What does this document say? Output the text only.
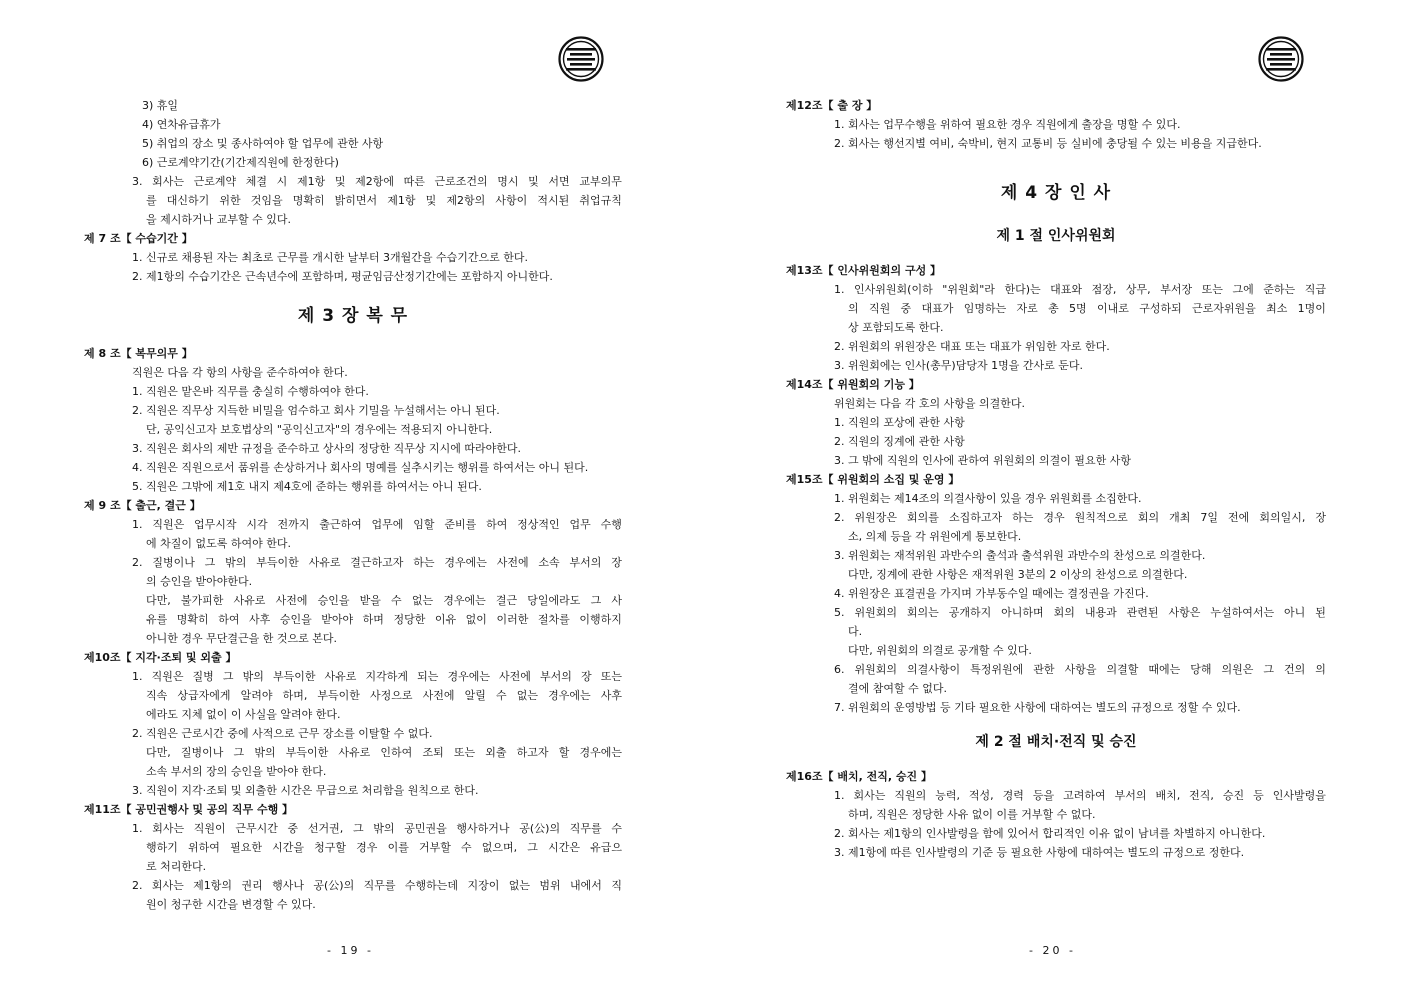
3) 휴일
4) 연차유급휴가
5) 취업의 장소 및 종사하여야 할 업무에 관한 사항
6) 근로계약기간(기간제직원에 한정한다)
3. 회사는 근로계약 체결 시 제1항 및 제2항에 따른 근로조건의 명시 및 서면 교부의무
를 대신하기 위한 것임을 명확히 밝히면서 제1항 및 제2항의 사항이 적시된 취업규칙
을 제시하거나 교부할 수 있다.
제 7 조【 수습기간 】
1. 신규로 채용된 자는 최초로 근무를 개시한 날부터 3개월간을 수습기간으로 한다.
2. 제1항의 수습기간은 근속년수에 포함하며, 평균임금산정기간에는 포함하지 아니한다.
제 3 장 복 무
제 8 조【 복무의무 】
직원은 다음 각 항의 사항을 준수하여야 한다.
1. 직원은 맡은바 직무를 충실히 수행하여야 한다.
2. 직원은 직무상 지득한 비밀을 엄수하고 회사 기밀을 누설해서는 아니 된다.
단, 공익신고자 보호법상의 "공익신고자"의 경우에는 적용되지 아니한다.
3. 직원은 회사의 제반 규정을 준수하고 상사의 정당한 직무상 지시에 따라야한다.
4. 직원은 직원으로서 품위를 손상하거나 회사의 명예를 실추시키는 행위를 하여서는 아니 된다.
5. 직원은 그밖에 제1호 내지 제4호에 준하는 행위를 하여서는 아니 된다.
제 9 조【 출근, 결근 】
1. 직원은 업무시작 시각 전까지 출근하여 업무에 임할 준비를 하여 정상적인 업무 수행
에 차질이 없도록 하여야 한다.
2. 질병이나 그 밖의 부득이한 사유로 결근하고자 하는 경우에는 사전에 소속 부서의 장
의 승인을 받아야한다.
다만, 불가피한 사유로 사전에 승인을 받을 수 없는 경우에는 결근 당일에라도 그 사
유를 명확히 하여 사후 승인을 받아야 하며 정당한 이유 없이 이러한 절차를 이행하지
아니한 경우 무단결근을 한 것으로 본다.
제10조【 지각·조퇴 및 외출 】
1. 직원은 질병 그 밖의 부득이한 사유로 지각하게 되는 경우에는 사전에 부서의 장 또는
직속 상급자에게 알려야 하며, 부득이한 사정으로 사전에 알릴 수 없는 경우에는 사후
에라도 지체 없이 이 사실을 알려야 한다.
2. 직원은 근로시간 중에 사적으로 근무 장소를 이탈할 수 없다.
다만, 질병이나 그 밖의 부득이한 사유로 인하여 조퇴 또는 외출 하고자 할 경우에는
소속 부서의 장의 승인을 받아야 한다.
3. 직원이 지각·조퇴 및 외출한 시간은 무급으로 처리함을 원칙으로 한다.
제11조【 공민권행사 및 공의 직무 수행 】
1. 회사는 직원이 근무시간 중 선거권, 그 밖의 공민권을 행사하거나 공(公)의 직무를 수
행하기 위하여 필요한 시간을 청구할 경우 이를 거부할 수 없으며, 그 시간은 유급으
로 처리한다.
2. 회사는 제1항의 권리 행사나 공(公)의 직무를 수행하는데 지장이 없는 범위 내에서 직
원이 청구한 시간을 변경할 수 있다.
- 19 -
제12조【 출 장 】
1. 회사는 업무수행을 위하여 필요한 경우 직원에게 출장을 명할 수 있다.
2. 회사는 행선지별 여비, 숙박비, 현지 교통비 등 실비에 충당될 수 있는 비용을 지급한다.
제 4 장 인 사
제 1 절 인사위원회
제13조【 인사위원회의 구성 】
1. 인사위원회(이하 "위원회"라 한다)는 대표와 점장, 상무, 부서장 또는 그에 준하는 직급
의 직원 중 대표가 임명하는 자로 총 5명 이내로 구성하되 근로자위원을 최소 1명이
상 포함되도록 한다.
2. 위원회의 위원장은 대표 또는 대표가 위임한 자로 한다.
3. 위원회에는 인사(총무)담당자 1명을 간사로 둔다.
제14조【 위원회의 기능 】
위원회는 다음 각 호의 사항을 의결한다.
1. 직원의 포상에 관한 사항
2. 직원의 징계에 관한 사항
3. 그 밖에 직원의 인사에 관하여 위원회의 의결이 필요한 사항
제15조【 위원회의 소집 및 운영 】
1. 위원회는 제14조의 의결사항이 있을 경우 위원회를 소집한다.
2. 위원장은 회의를 소집하고자 하는 경우 원칙적으로 회의 개최 7일 전에 회의일시, 장
소, 의제 등을 각 위원에게 통보한다.
3. 위원회는 재적위원 과반수의 출석과 출석위원 과반수의 찬성으로 의결한다.
다만, 징계에 관한 사항은 재적위원 3분의 2 이상의 찬성으로 의결한다.
4. 위원장은 표결권을 가지며 가부동수일 때에는 결정권을 가진다.
5. 위원회의 회의는 공개하지 아니하며 회의 내용과 관련된 사항은 누설하여서는 아니 된
다.
다만, 위원회의 의결로 공개할 수 있다.
6. 위원회의 의결사항이 특정위원에 관한 사항을 의결할 때에는 당해 의원은 그 건의 의
결에 참여할 수 없다.
7. 위원회의 운영방법 등 기타 필요한 사항에 대하여는 별도의 규정으로 정할 수 있다.
제 2 절 배치·전직 및 승진
제16조【 배치, 전직, 승진 】
1. 회사는 직원의 능력, 적성, 경력 등을 고려하여 부서의 배치, 전직, 승진 등 인사발령을
하며, 직원은 정당한 사유 없이 이를 거부할 수 없다.
2. 회사는 제1항의 인사발령을 함에 있어서 합리적인 이유 없이 남녀를 차별하지 아니한다.
3. 제1항에 따른 인사발령의 기준 등 필요한 사항에 대하여는 별도의 규정으로 정한다.
- 20 -
